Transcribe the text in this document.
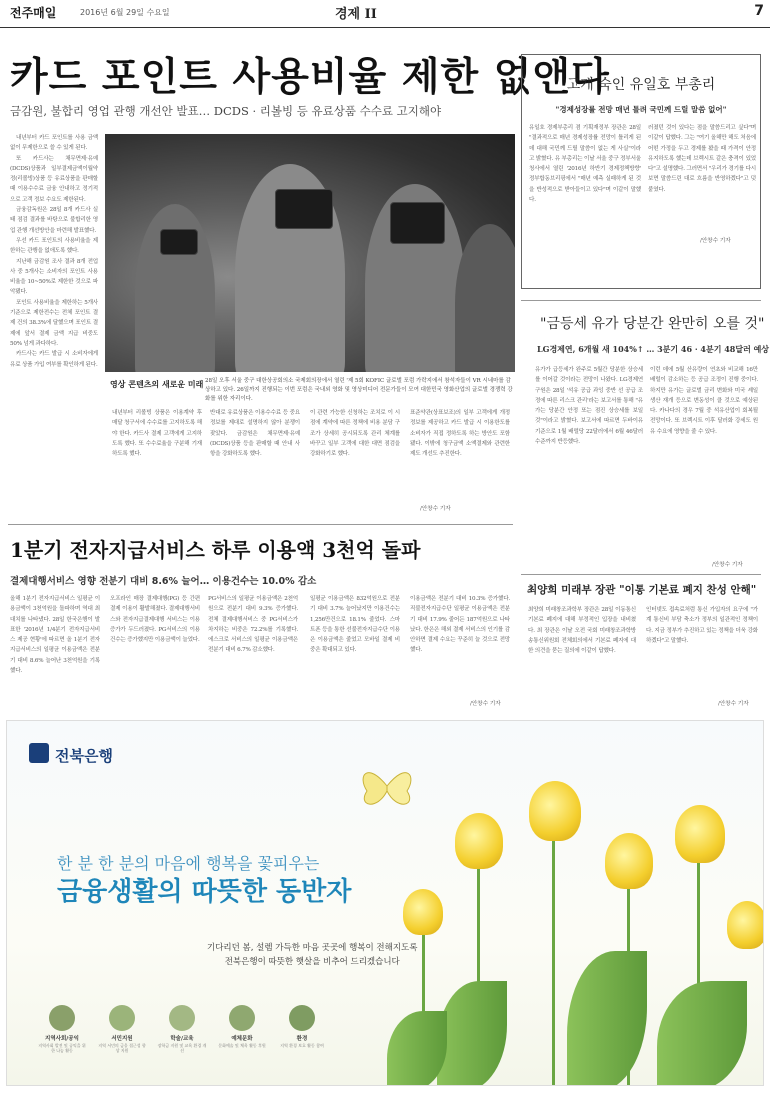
전주매일	2016년 6월 29일 수요일	경제 II	7
카드 포인트 사용비율 제한 없앤다
금감원, 불합리 영업 관행 개선안 발표… DCDS · 리볼빙 등 유료상품 수수료 고지해야

내년부터 카드 포인트를 사용 금액 없이 무제한으로 쓸 수 있게 된다.

또 카드사는 채무면제·유예(DCDS)상품과 일부결제금액이월약정(리볼빙)상품 등 유료상품을 판매할 때 이용수수료 금융 안내하고 정기적으로 고객 정보 수요도 제한된다.

금융감독원은 28일 8개 카드사 실태 점검 결과를 바탕으로 불합리한 영업 관행 개선방안을 마련해 발표했다.

우선 카드 포인트의 사용비율을 제한하는 관행을 없애도록 했다.

지난해 금감원 조사 결과 8개 전업사 중 5개사는 소비자의 포인트 사용비율을 10~50%로 제한한 것으로 파악됐다.

포인트 사용비율을 제한하는 5개사 기준으로 제한전수는 전체 포인트 결제 건의 38.3%에 달했으며 포인트 결제에 앞서 결제 금액 지급 비중도 50% 넘게 과다하다.

카드사는 카드 발급 시 소비자에게 유료 상품 가입 여부를 확인하게 된다.

영상 콘텐츠의 새로운 미래 28일 오후 서울 중구 대한상공회의소 국제회의장에서 열린 '제 5회 KOFIC 글로벌 포럼 가락지에서 참석자들이 VR 시네마를 감상하고 있다. 26일까지 진행되는 이번 포럼은 국내외 영화 및 영상미디어 전문가들이 모여 대한민국 영화산업의 글로벌 경쟁력 강화를 위한 자리이다.
내년부터 리볼빙 상품은 이용계약 후 매달 청구서에 수수료를 고지하도록 해야 한다. 카드사 결제 고객에게 고지하도록 했다. 또 수수료율을 구분해 기재하도록 했다.
반대로 유료상품은 이용수수료 등 중요 정보를 제대로 설명하지 않아 분쟁이 잦았다. 금감원은 채무면제·유예(DCDS)상품 등을 판매할 때 안내 사항을 강화하도록 했다.
이 관련 가능한 신청하는 조치로 이 시점에 계약에 따른 정책에 비용 분담 구조가 상세히 공시되도록 관리 체계를 바꾸고 일부 고객에 대한 대면 점검을 강화하기로 했다.
표준약관(상표보조)의 일부 고객에게 개정 정보를 제공하고 카드 발급 시 이용한도를 소비자가 직접 정하도록 하는 방안도 포함됐다. 이밖에 청구금액 소액결제와 관련한 제도 개선도 추진한다.
/안창수 기자
고개 숙인 유일호 부총리
"경제성장률 전망 매년 틀려 국민께 드릴 말씀 없어"
유일호 경제부총리 겸 기획재정부 장관은 28일 "결과적으로 매년 경제성장률 전망이 틀리게 된 데 대해 국민께 드릴 말씀이 없는 게 사실"이라고 밝혔다. 유 부총리는 이날 서울 중구 정부서울청사에서 열린 '2016년 하반기 경제정책방향' 정부합동브리핑에서 "매년 예측 실패하게 된 것을 반성적으로 받아들이고 있다"며 이같이 말했다.
러졌던 것이 있다는 점을 말씀드리고 싶다"며 이같이 답했다. 그는 "여기 올해만 해도 처음에 어떤 가정을 두고 경제를 봤을 때 가격이 안정 유지하도록 했는데 브렉시트 같은 충격이 있었다"고 설명했다. 그러면서 "우리가 경기를 다시 보면 말씀드린 대로 흐름을 반영하겠다"고 덧붙였다.
/안창수 기자
"금등세 유가 당분간 완만히 오를 것"
LG경제연, 6개월 새 104%↑ … 3분기 46 · 4분기 48달러 예상
유가가 급등세가 완주로 5월간 당분한 상승세를 이어갈 것이라는 전망이 나왔다. LG경제연구원은 28일 '석유 공급 과잉 중반 선 공급 조정에 따른 리스크 관리'라는 보고서를 통해 "유가는 당분간 안정 또는 점진 상승세를 보일 것"이라고 밝혔다. 보고서에 따르면 두바이유 기준으로 1월 배럴당 22달러에서 6월 46달러 수준까지 반등했다.
이런 데에 5월 산유량이 연초와 비교해 16만 배럴이 감소하는 등 공급 조정이 진행 중이다. 하지만 유가는 글로벌 금리 변화와 미국 셰일 생산 재개 등으로 변동성이 클 것으로 예상된다. 카나다의 경우 7월 중 석유산업이 회복될 전망이다. 또 브렉시트 이후 달러화 강세도 원유 수요에 영향을 줄 수 있다.
/안창수 기자
최양희 미래부 장관 "이통 기본료 폐지 찬성 안해"
최양희 미래창조과학부 장관은 28일 이동통신 기본료 폐지에 대해 부정적인 입장을 내비쳤다. 최 장관은 이날 오전 국회 미래창조과학방송통신위원회 전체회의에서 기본료 폐지에 대한 의견을 묻는 질의에 이같이 답했다.
인터넷도 접속료처럼 통신 가입자의 요구에 "가계 통신비 부담 축소가 정부의 일관적인 정책이다. 지금 정부가 추진하고 있는 정책을 더욱 강화하겠다"고 말했다.
/안창수 기자
1분기 전자지급서비스 하루 이용액 3천억 돌파
결제대행서비스 영향 전분기 대비 8.6% 늘어… 이용건수는 10.0% 감소
올해 1분기 전자지급서비스 일평균 이용금액이 3천억원을 돌파하며 역대 최대치를 나타냈다. 28일 한국은행이 발표한 '2016년 1/4분기 전자지급서비스 제공 현황'에 따르면 올 1분기 전자지급서비스의 일평균 이용금액은 전분기 대비 8.6% 늘어난 3천억원을 기록했다.
오프라인 매장 결제대행(PG) 등 간편결제 이용이 활발해졌다. 결제대행서비스와 전자지급결제대행 서비스는 이용 증가가 두드러졌다. PG서비스의 이용건수는 증가했지만 이용금액이 늘었다.
PG서비스의 일평균 이용금액은 2천억원으로 전분기 대비 9.3% 증가했다. 전체 결제대행서비스 중 PG서비스가 차지하는 비중은 72.2%를 기록했다. 에스크로 서비스의 일평균 이용금액은 전분기 대비 6.7% 감소했다.
일평균 이용금액은 832억원으로 전분기 대비 3.7% 늘어났지만 이용건수는 1,256만건으로 18.1% 줄었다. 스마트폰 등을 통한 선불전자지급수단 이용은 이용금액은 줄었고 모바일 결제 비중은 확대되고 있다.
이용금액은 전분기 대비 10.3% 증가했다. 직불전자지급수단 일평균 이용금액은 전분기 대비 17.9% 줄어든 187억원으로 나타났다. 한은은 해외 결제 서비스의 인기를 감안하면 결제 수요는 꾸준히 늘 것으로 전망했다.
/안창수 기자
전북은행
한 분 한 분의 마음에 행복을 꽃피우는
금융생활의 따뜻한 동반자
기다리던 봄, 설렘 가득한 마음 곳곳에 행복이 전해지도록
전북은행이 따뜻한 햇살을 비추어 드리겠습니다
지역사회/공익
지역사회 발전 및 공익을 위한 나눔 활동
서민지원
지역 서민의 금융 접근성 향상 지원
학술/교육
장학금 지원 및 교육 환경 개선
예체문화
문화예술 및 체육 활동 후원
환경
지역 환경 보호 활동 참여
